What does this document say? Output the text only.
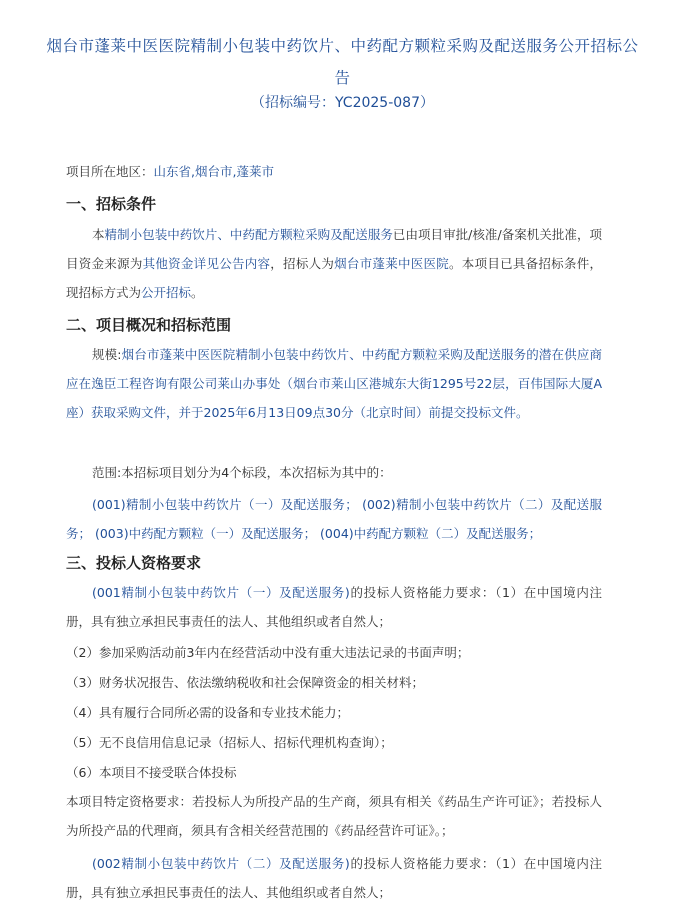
烟台市蓬莱中医医院精制小包装中药饮片、中药配方颗粒采购及配送服务公开招标公告
（招标编号：YC2025-087）
项目所在地区：山东省,烟台市,蓬莱市
一、招标条件
本精制小包装中药饮片、中药配方颗粒采购及配送服务已由项目审批/核准/备案机关批准，项目资金来源为其他资金详见公告内容，招标人为烟台市蓬莱中医医院。本项目已具备招标条件，现招标方式为公开招标。
二、项目概况和招标范围
规模:烟台市蓬莱中医医院精制小包装中药饮片、中药配方颗粒采购及配送服务的潜在供应商应在逸臣工程咨询有限公司莱山办事处（烟台市莱山区港城东大街1295号22层，百伟国际大厦A座）获取采购文件，并于2025年6月13日09点30分（北京时间）前提交投标文件。
范围:本招标项目划分为4个标段，本次招标为其中的：
(001)精制小包装中药饮片（一）及配送服务； (002)精制小包装中药饮片（二）及配送服务； (003)中药配方颗粒（一）及配送服务； (004)中药配方颗粒（二）及配送服务；
三、投标人资格要求
(001精制小包装中药饮片（一）及配送服务)的投标人资格能力要求：（1）在中国境内注册，具有独立承担民事责任的法人、其他组织或者自然人；
（2）参加采购活动前3年内在经营活动中没有重大违法记录的书面声明；
（3）财务状况报告、依法缴纳税收和社会保障资金的相关材料；
（4）具有履行合同所必需的设备和专业技术能力；
（5）无不良信用信息记录（招标人、招标代理机构查询）；
（6）本项目不接受联合体投标
本项目特定资格要求：若投标人为所投产品的生产商，须具有相关《药品生产许可证》；若投标人为所投产品的代理商，须具有含相关经营范围的《药品经营许可证》。；
(002精制小包装中药饮片（二）及配送服务)的投标人资格能力要求：（1）在中国境内注册，具有独立承担民事责任的法人、其他组织或者自然人；
